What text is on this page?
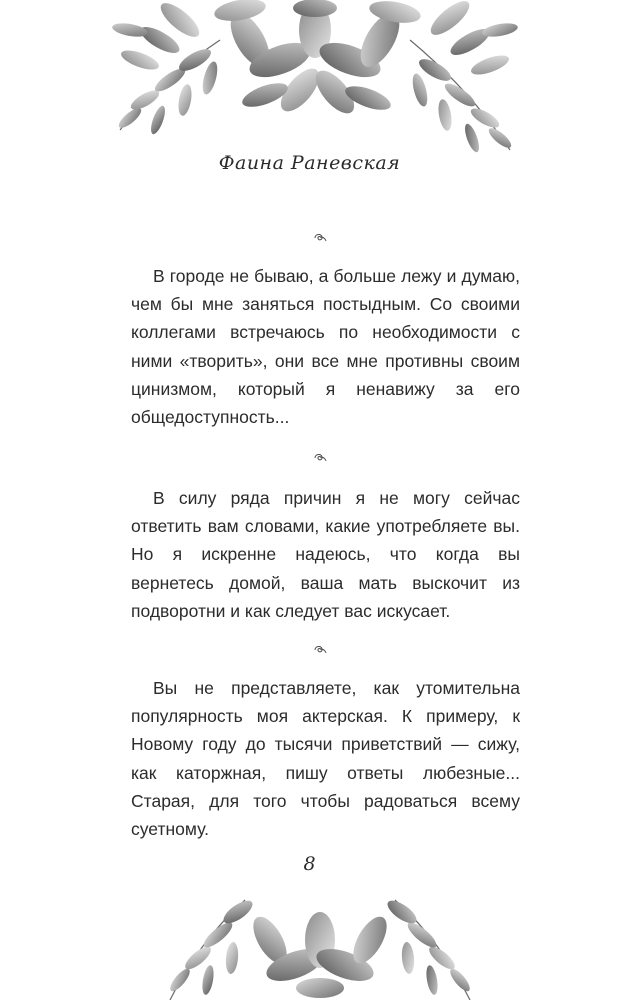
Фаина Раневская

В городе не бываю, а больше лежу и думаю, чем бы мне заняться постыдным. Со своими коллегами встречаюсь по необходимости с ними «творить», они все мне противны своим цинизмом, который я ненавижу за его общедоступность...

В силу ряда причин я не могу сейчас ответить вам словами, какие употребляете вы. Но я искренне надеюсь, что когда вы вернетесь домой, ваша мать выскочит из подворотни и как следует вас искусает.

Вы не представляете, как утомительна популярность моя актерская. К примеру, к Новому году до тысячи приветствий — сижу, как каторжная, пишу ответы любезные... Старая, для того чтобы радоваться всему суетному.

8
